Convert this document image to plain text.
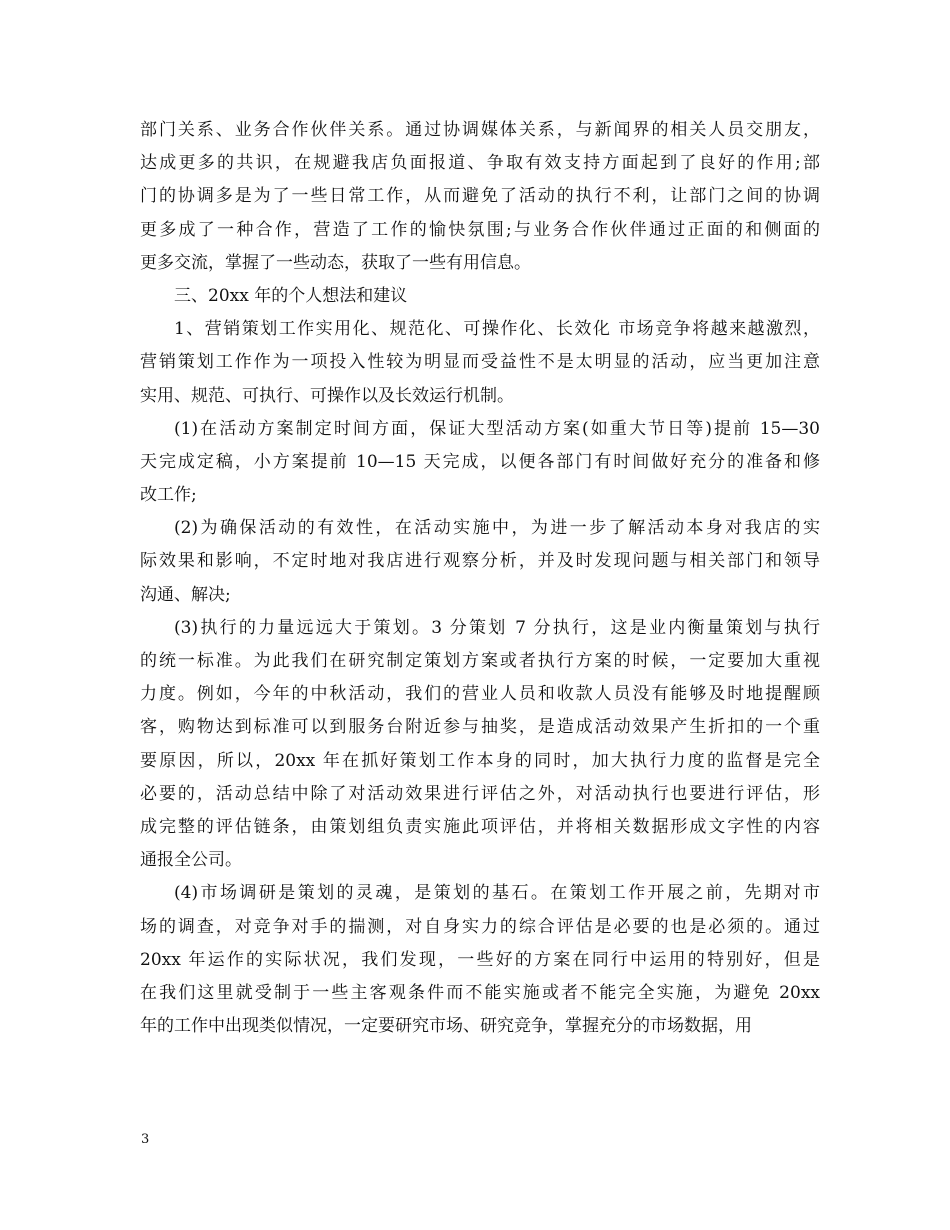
部门关系、业务合作伙伴关系。通过协调媒体关系，与新闻界的相关人员交朋友，
达成更多的共识，在规避我店负面报道、争取有效支持方面起到了良好的作用;部
门的协调多是为了一些日常工作，从而避免了活动的执行不利，让部门之间的协调
更多成了一种合作，营造了工作的愉快氛围;与业务合作伙伴通过正面的和侧面的
更多交流，掌握了一些动态，获取了一些有用信息。
三、20xx 年的个人想法和建议
1、营销策划工作实用化、规范化、可操作化、长效化 市场竞争将越来越激烈，
营销策划工作作为一项投入性较为明显而受益性不是太明显的活动，应当更加注意
实用、规范、可执行、可操作以及长效运行机制。
(1)在活动方案制定时间方面，保证大型活动方案(如重大节日等)提前 15—30
天完成定稿，小方案提前 10—15 天完成，以便各部门有时间做好充分的准备和修
改工作;
(2)为确保活动的有效性，在活动实施中，为进一步了解活动本身对我店的实
际效果和影响，不定时地对我店进行观察分析，并及时发现问题与相关部门和领导
沟通、解决;
(3)执行的力量远远大于策划。3 分策划 7 分执行，这是业内衡量策划与执行
的统一标准。为此我们在研究制定策划方案或者执行方案的时候，一定要加大重视
力度。例如，今年的中秋活动，我们的营业人员和收款人员没有能够及时地提醒顾
客，购物达到标准可以到服务台附近参与抽奖，是造成活动效果产生折扣的一个重
要原因，所以，20xx 年在抓好策划工作本身的同时，加大执行力度的监督是完全
必要的，活动总结中除了对活动效果进行评估之外，对活动执行也要进行评估，形
成完整的评估链条，由策划组负责实施此项评估，并将相关数据形成文字性的内容
通报全公司。
(4)市场调研是策划的灵魂，是策划的基石。在策划工作开展之前，先期对市
场的调查，对竞争对手的揣测，对自身实力的综合评估是必要的也是必须的。通过
20xx 年运作的实际状况，我们发现，一些好的方案在同行中运用的特别好，但是
在我们这里就受制于一些主客观条件而不能实施或者不能完全实施，为避免 20xx
年的工作中出现类似情况，一定要研究市场、研究竞争，掌握充分的市场数据，用
3
